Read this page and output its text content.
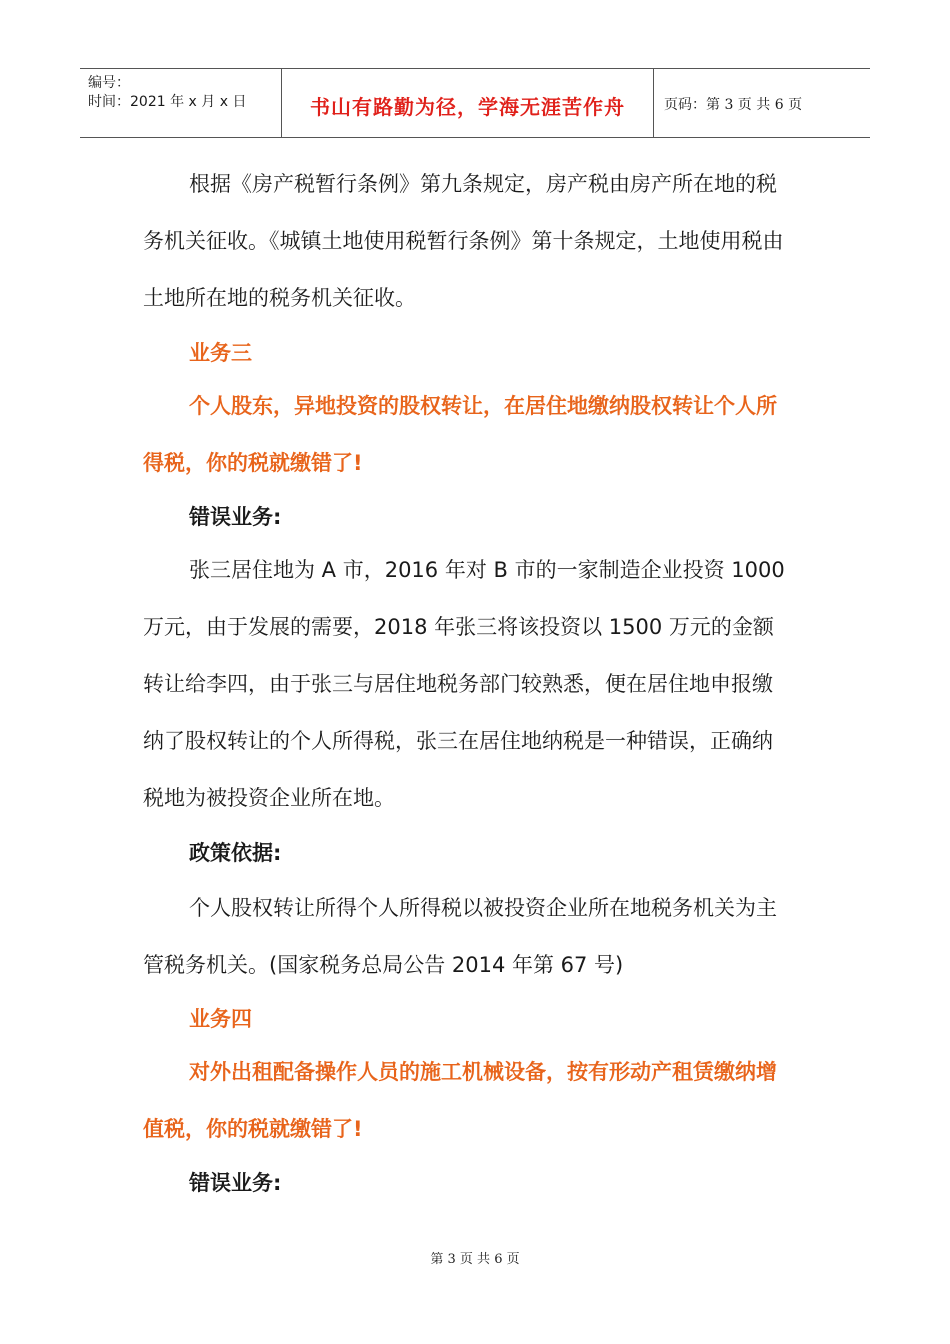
编号：
时间：2021 年 x 月 x 日	书山有路勤为径，学海无涯苦作舟	页码：第 3 页 共 6 页
根据《房产税暂行条例》第九条规定，房产税由房产所在地的税务机关征收。《城镇土地使用税暂行条例》第十条规定，土地使用税由土地所在地的税务机关征收。
业务三
个人股东，异地投资的股权转让，在居住地缴纳股权转让个人所得税，你的税就缴错了!
错误业务:
张三居住地为 A 市，2016 年对 B 市的一家制造企业投资 1000 万元，由于发展的需要，2018 年张三将该投资以 1500 万元的金额转让给李四，由于张三与居住地税务部门较熟悉，便在居住地申报缴纳了股权转让的个人所得税，张三在居住地纳税是一种错误，正确纳税地为被投资企业所在地。
政策依据:
个人股权转让所得个人所得税以被投资企业所在地税务机关为主管税务机关。(国家税务总局公告 2014 年第 67 号)
业务四
对外出租配备操作人员的施工机械设备，按有形动产租赁缴纳增值税，你的税就缴错了!
错误业务:
第 3 页 共 6 页
